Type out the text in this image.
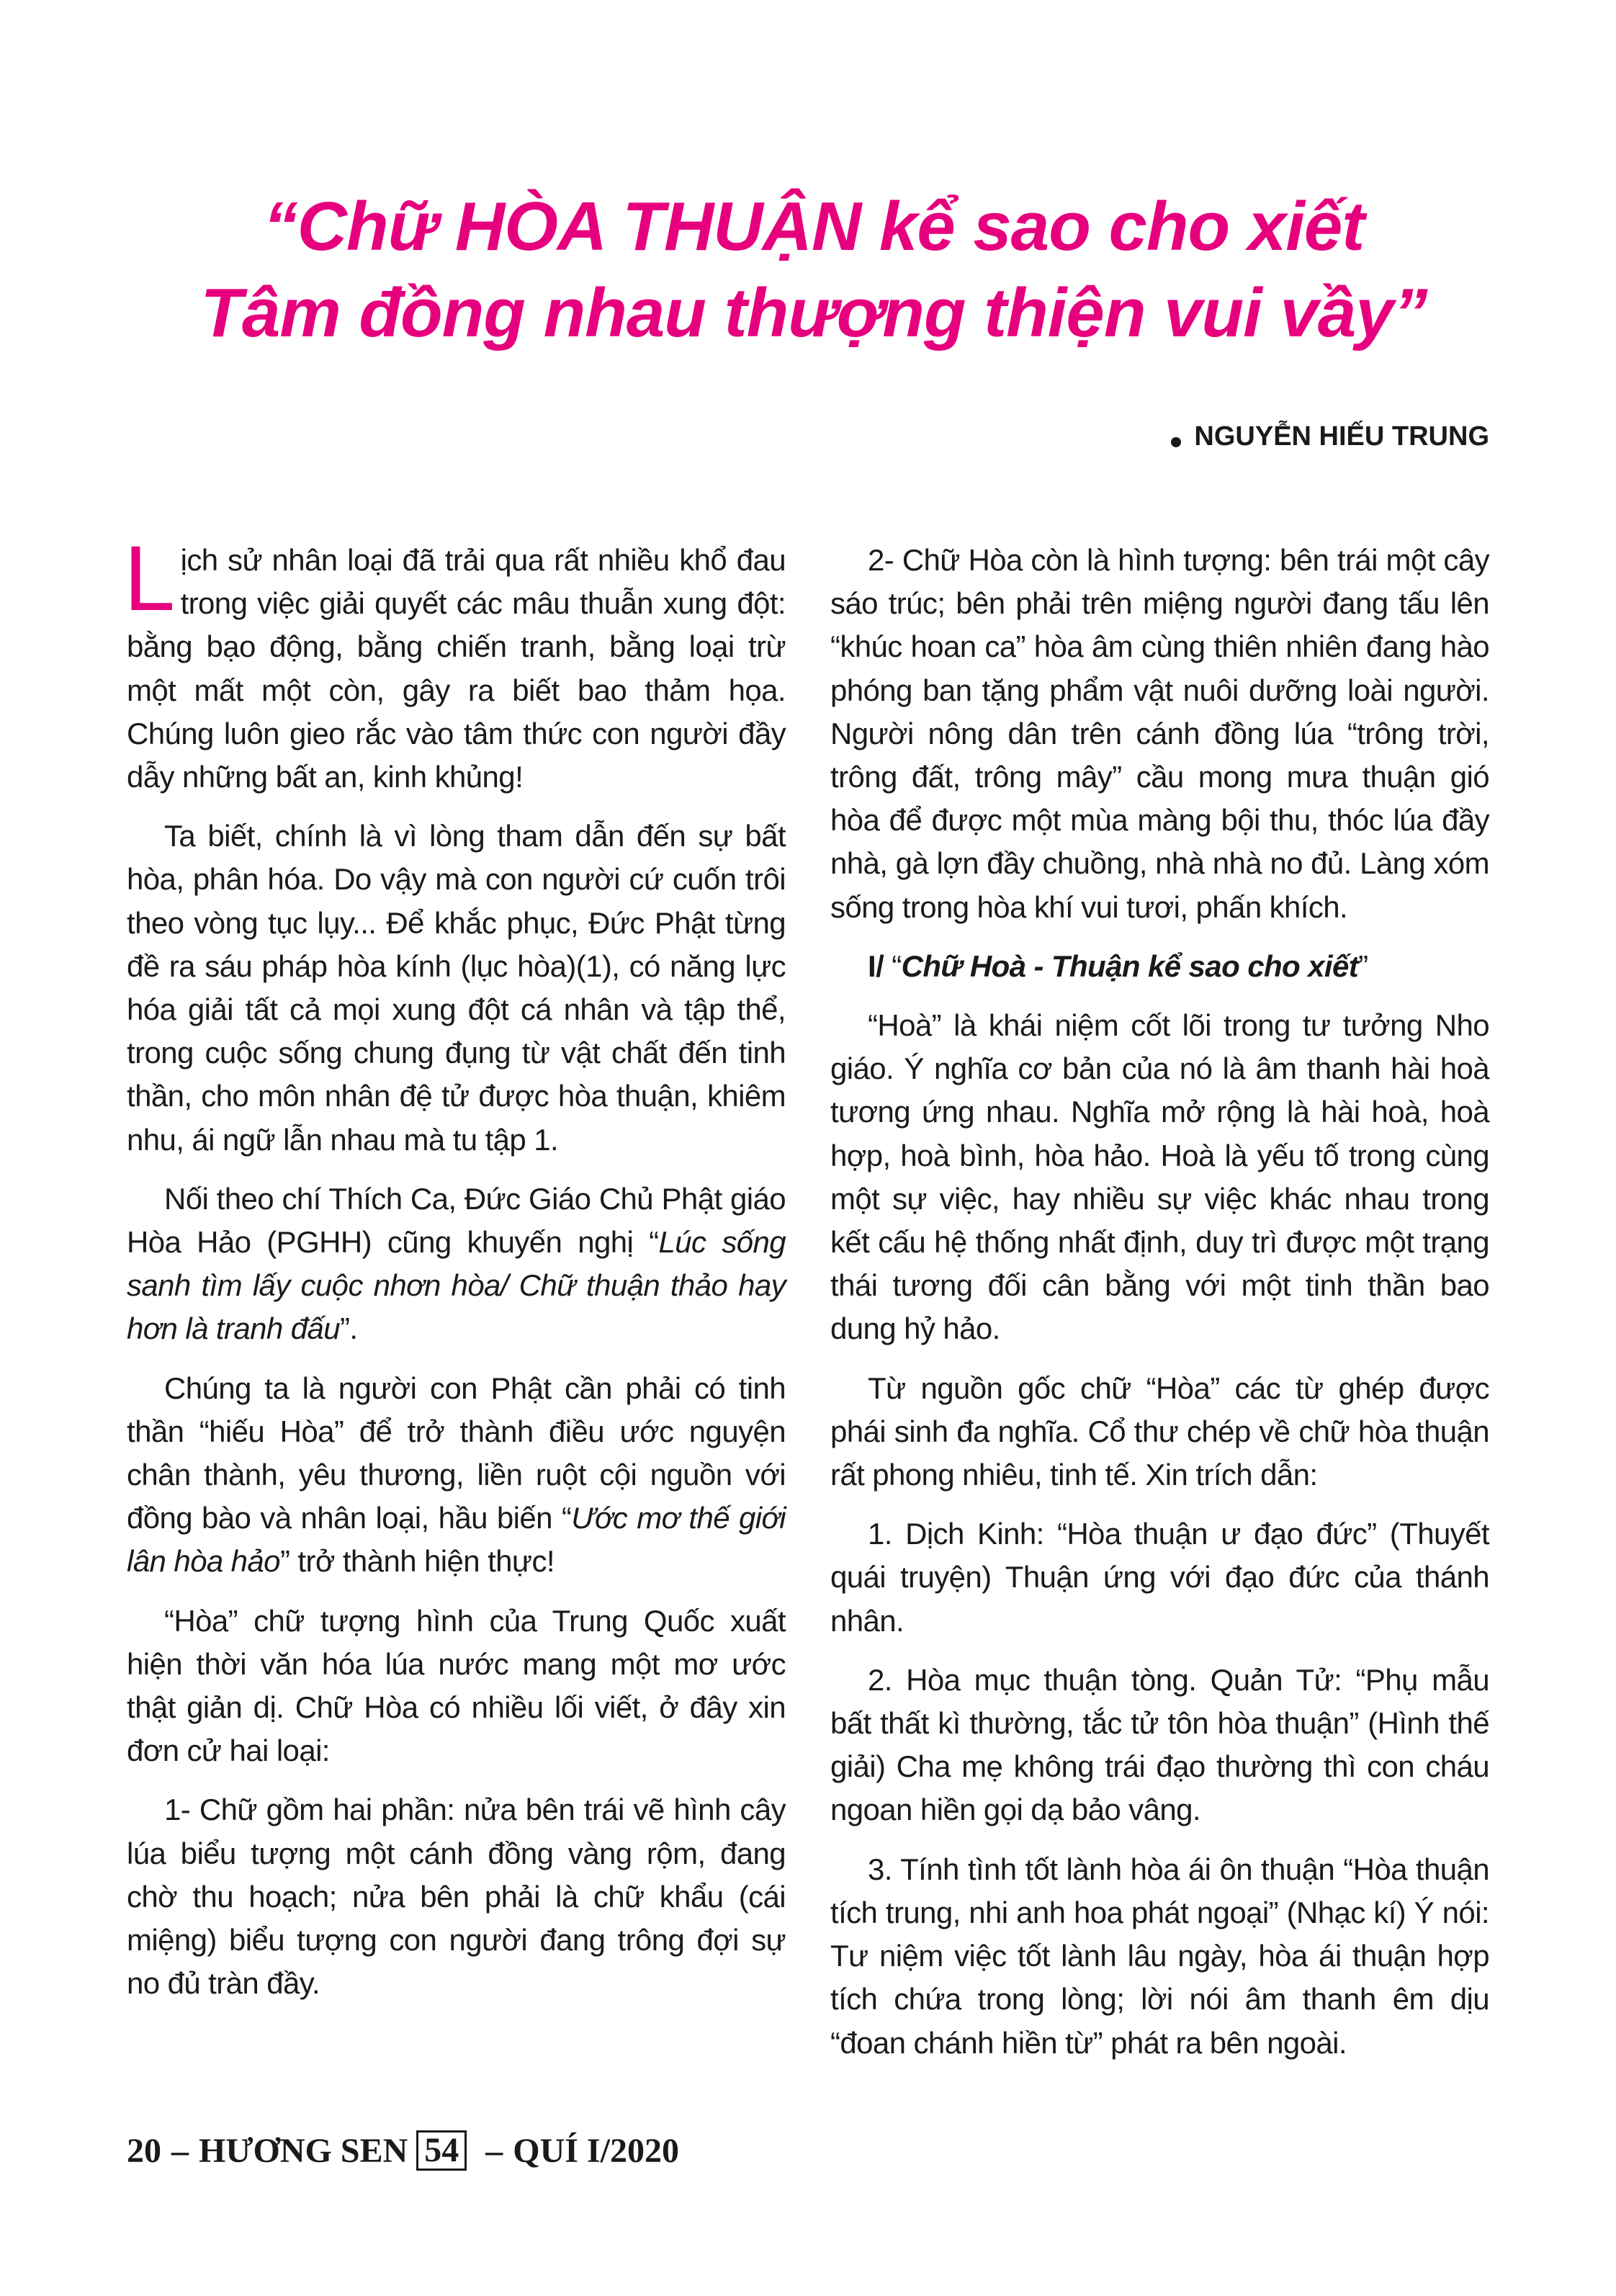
“Chữ HÒA THUẬN kể sao cho xiết
Tâm đồng nhau thượng thiện vui vầy”
NGUYỄN HIẾU TRUNG

Lịch sử nhân loại đã trải qua rất nhiều khổ đau trong việc giải quyết các mâu thuẫn xung đột: bằng bạo động, bằng chiến tranh, bằng loại trừ một mất một còn, gây ra biết bao thảm họa. Chúng luôn gieo rắc vào tâm thức con người đầy dẫy những bất an, kinh khủng!

Ta biết, chính là vì lòng tham dẫn đến sự bất hòa, phân hóa. Do vậy mà con người cứ cuốn trôi theo vòng tục lụy... Để khắc phục, Đức Phật từng đề ra sáu pháp hòa kính (lục hòa)(1), có năng lực hóa giải tất cả mọi xung đột cá nhân và tập thể, trong cuộc sống chung đụng từ vật chất đến tinh thần, cho môn nhân đệ tử được hòa thuận, khiêm nhu, ái ngữ lẫn nhau mà tu tập 1.

Nối theo chí Thích Ca, Đức Giáo Chủ Phật giáo Hòa Hảo (PGHH) cũng khuyến nghị “Lúc sống sanh tìm lấy cuộc nhơn hòa/ Chữ thuận thảo hay hơn là tranh đấu”.

Chúng ta là người con Phật cần phải có tinh thần “hiếu Hòa” để trở thành điều ước nguyện chân thành, yêu thương, liền ruột cội nguồn với đồng bào và nhân loại, hầu biến “Ước mơ thế giới lân hòa hảo” trở thành hiện thực!

“Hòa” chữ tượng hình của Trung Quốc xuất hiện thời văn hóa lúa nước mang một mơ ước thật giản dị. Chữ Hòa có nhiều lối viết, ở đây xin đơn cử hai loại:

1- Chữ gồm hai phần: nửa bên trái vẽ hình cây lúa biểu tượng một cánh đồng vàng rộm, đang chờ thu hoạch; nửa bên phải là chữ khẩu (cái miệng) biểu tượng con người đang trông đợi sự no đủ tràn đầy.

2- Chữ Hòa còn là hình tượng: bên trái một cây sáo trúc; bên phải trên miệng người đang tấu lên “khúc hoan ca” hòa âm cùng thiên nhiên đang hào phóng ban tặng phẩm vật nuôi dưỡng loài người. Người nông dân trên cánh đồng lúa “trông trời, trông đất, trông mây” cầu mong mưa thuận gió hòa để được một mùa màng bội thu, thóc lúa đầy nhà, gà lợn đầy chuồng, nhà nhà no đủ. Làng xóm sống trong hòa khí vui tươi, phấn khích.

I/ “Chữ Hoà - Thuận kể sao cho xiết”

“Hoà” là khái niệm cốt lõi trong tư tưởng Nho giáo. Ý nghĩa cơ bản của nó là âm thanh hài hoà tương ứng nhau. Nghĩa mở rộng là hài hoà, hoà hợp, hoà bình, hòa hảo. Hoà là yếu tố trong cùng một sự việc, hay nhiều sự việc khác nhau trong kết cấu hệ thống nhất định, duy trì được một trạng thái tương đối cân bằng với một tinh thần bao dung hỷ hảo.

Từ nguồn gốc chữ “Hòa” các từ ghép được phái sinh đa nghĩa. Cổ thư chép về chữ hòa thuận rất phong nhiêu, tinh tế. Xin trích dẫn:

1. Dịch Kinh: “Hòa thuận ư đạo đức” (Thuyết quái truyện) Thuận ứng với đạo đức của thánh nhân.

2. Hòa mục thuận tòng. Quản Tử: “Phụ mẫu bất thất kì thường, tắc tử tôn hòa thuận” (Hình thế giải) Cha mẹ không trái đạo thường thì con cháu ngoan hiền gọi dạ bảo vâng.

3. Tính tình tốt lành hòa ái ôn thuận “Hòa thuận tích trung, nhi anh hoa phát ngoại” (Nhạc kí) Ý nói: Tư niệm việc tốt lành lâu ngày, hòa ái thuận hợp tích chứa trong lòng; lời nói âm thanh êm dịu “đoan chánh hiền từ” phát ra bên ngoài.

20 – HƯƠNG SEN 54 – QUÍ I/2020
